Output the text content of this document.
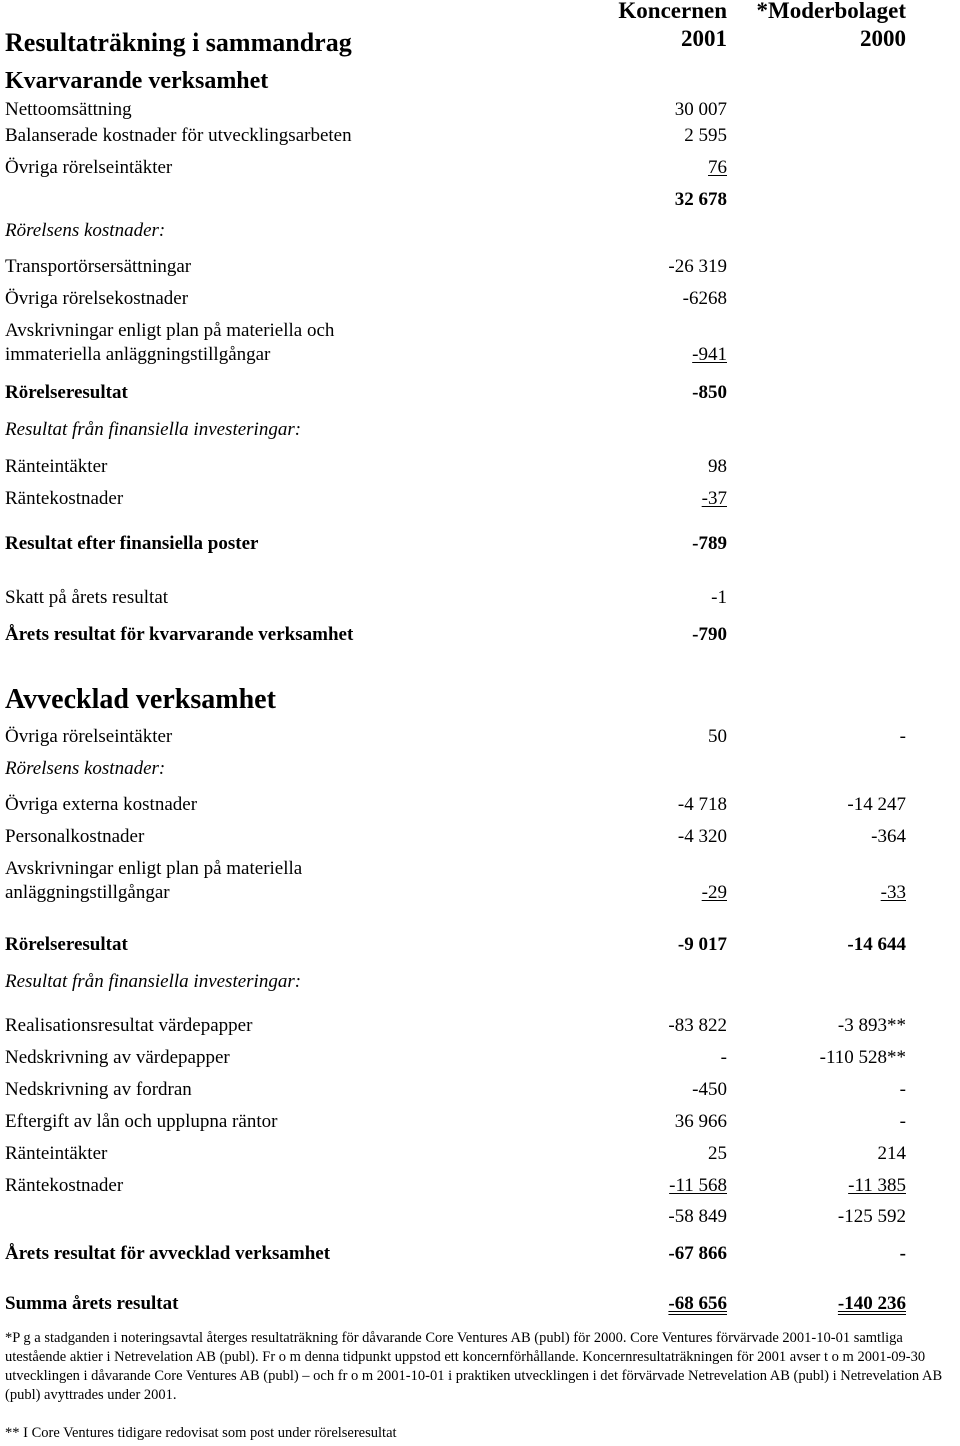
Koncernen *Moderbolaget
2001	2000
Resultaträkning i sammandrag
Kvarvarande verksamhet
Nettoomsättning	30 007
Balanserade kostnader för utvecklingsarbeten	2 595
Övriga rörelseintäkter	76
32 678
Rörelsens kostnader:
Transportörsersättningar	-26 319
Övriga rörelsekostnader	-6268
Avskrivningar enligt plan på materiella och
immateriella anläggningstillgångar	-941
Rörelseresultat	-850
Resultat från finansiella investeringar:
Ränteintäkter	98
Räntekostnader	-37
Resultat efter finansiella poster	-789
Skatt på årets resultat	-1
Årets resultat för kvarvarande verksamhet	-790
Avvecklad verksamhet
Övriga rörelseintäkter	50	-
Rörelsens kostnader:
Övriga externa kostnader	-4 718	-14 247
Personalkostnader	-4 320	-364
Avskrivningar enligt plan på materiella
anläggningstillgångar	-29	-33
Rörelseresultat	-9 017	-14 644
Resultat från finansiella investeringar:
Realisationsresultat värdepapper	-83 822	-3 893**
Nedskrivning av värdepapper	-	-110 528**
Nedskrivning av fordran	-450	-
Eftergift av lån och upplupna räntor	36 966	-
Ränteintäkter	25	214
Räntekostnader	-11 568	-11 385
-58 849	-125 592
Årets resultat för avvecklad verksamhet	-67 866	-
Summa årets resultat	-68 656	-140 236
*P g a stadganden i noteringsavtal återges resultaträkning för dåvarande Core Ventures AB (publ) för 2000. Core Ventures förvärvade 2001-10-01 samtliga utestående aktier i Netrevelation AB (publ). Fr o m denna tidpunkt uppstod ett koncernförhållande. Koncernresultaträkningen för 2001 avser t o m 2001-09-30 utvecklingen i dåvarande Core Ventures AB (publ) – och fr o m 2001-10-01 i praktiken utvecklingen i det förvärvade Netrevelation AB (publ) i Netrevelation AB (publ) avyttrades under 2001.
** I Core Ventures tidigare redovisat som post under rörelseresultat
